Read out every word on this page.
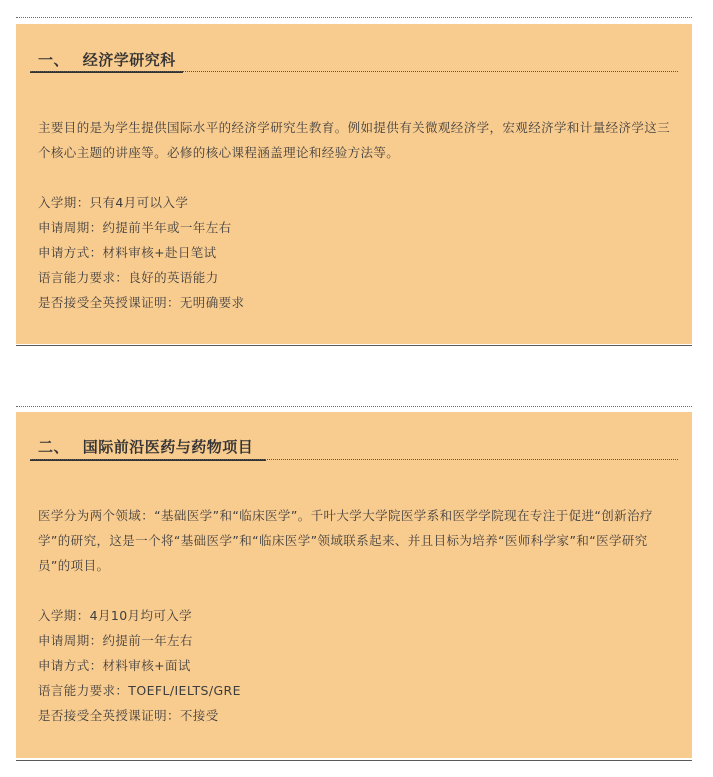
一、 经济学研究科
主要目的是为学生提供国际水平的经济学研究生教育。例如提供有关微观经济学，宏观经济学和计量经济学这三个核心主题的讲座等。必修的核心课程涵盖理论和经验方法等。
入学期：只有4月可以入学
申请周期：约提前半年或一年左右
申请方式：材料审核+赴日笔试
语言能力要求：良好的英语能力
是否接受全英授课证明：无明确要求
二、 国际前沿医药与药物项目
医学分为两个领域：“基础医学”和“临床医学”。千叶大学大学院医学系和医学学院现在专注于促进“创新治疗学”的研究，这是一个将“基础医学”和“临床医学”领域联系起来、并且目标为培养“医师科学家”和“医学研究员”的项目。
入学期：4月10月均可入学
申请周期：约提前一年左右
申请方式：材料审核+面试
语言能力要求：TOEFL/IELTS/GRE
是否接受全英授课证明：不接受
